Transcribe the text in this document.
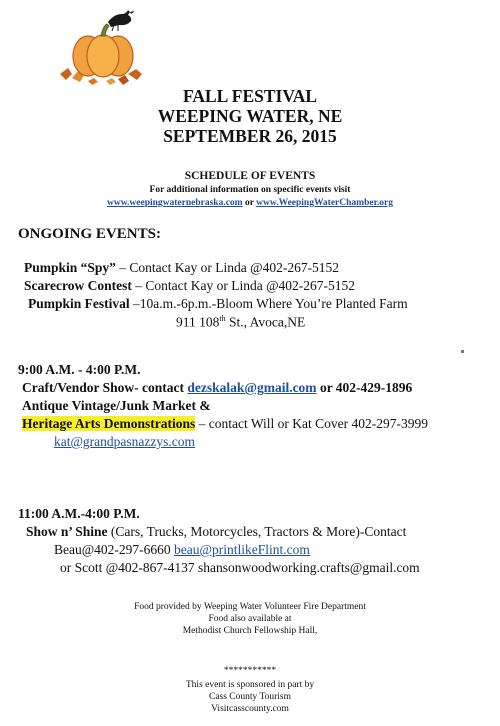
FALL FESTIVAL
WEEPING WATER, NE
SEPTEMBER 26, 2015
SCHEDULE OF EVENTS
For additional information on specific events visit
www.weepingwaternebraska.com or www.WeepingWaterChamber.org
ONGOING EVENTS:
Pumpkin “Spy” – Contact Kay or Linda @402-267-5152
Scarecrow Contest – Contact Kay or Linda @402-267-5152
Pumpkin Festival –10a.m.-6p.m.-Bloom Where You’re Planted Farm
911 108th St., Avoca,NE
9:00 A.M. - 4:00 P.M.
Craft/Vendor Show- contact dezskalak@gmail.com or 402-429-1896
Antique Vintage/Junk Market &
Heritage Arts Demonstrations – contact Will or Kat Cover 402-297-3999
kat@grandpasnazzys.com
11:00 A.M.-4:00 P.M.
Show n’ Shine (Cars, Trucks, Motorcycles, Tractors & More)-Contact
Beau@402-297-6660 beau@printlikeFlint.com
or Scott @402-867-4137 shansonwoodworking.crafts@gmail.com
Food provided by Weeping Water Volunteer Fire Department
Food also available at
Methodist Church Fellowship Hall,
***********
This event is sponsored in part by
Cass County Tourism
Visitcasscounty.com
